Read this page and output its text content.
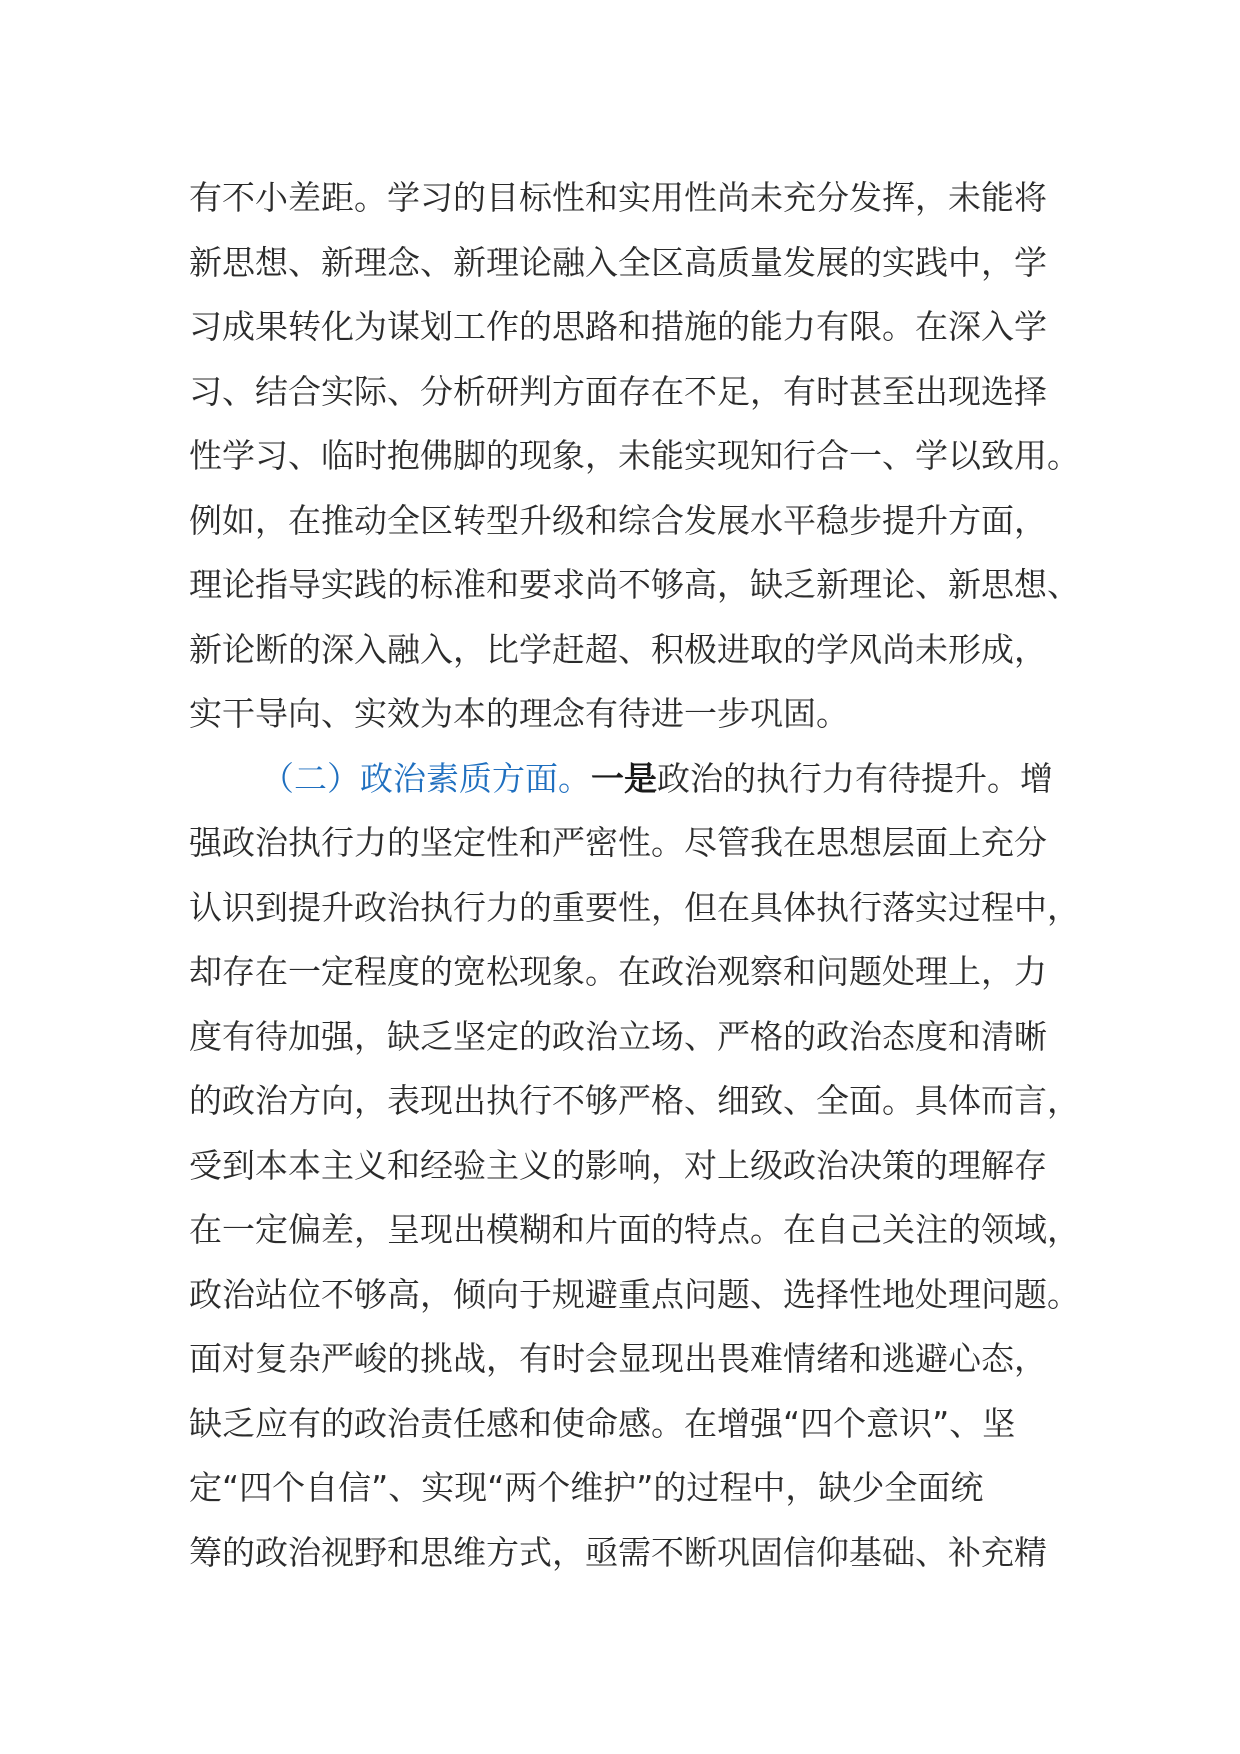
有不小差距。学习的目标性和实用性尚未充分发挥，未能将
新思想、新理念、新理论融入全区高质量发展的实践中，学
习成果转化为谋划工作的思路和措施的能力有限。在深入学
习、结合实际、分析研判方面存在不足，有时甚至出现选择
性学习、临时抱佛脚的现象，未能实现知行合一、学以致用。
例如，在推动全区转型升级和综合发展水平稳步提升方面，
理论指导实践的标准和要求尚不够高，缺乏新理论、新思想、
新论断的深入融入，比学赶超、积极进取的学风尚未形成，
实干导向、实效为本的理念有待进一步巩固。
（二）政治素质方面。一是政治的执行力有待提升。增
强政治执行力的坚定性和严密性。尽管我在思想层面上充分
认识到提升政治执行力的重要性，但在具体执行落实过程中，
却存在一定程度的宽松现象。在政治观察和问题处理上，力
度有待加强，缺乏坚定的政治立场、严格的政治态度和清晰
的政治方向，表现出执行不够严格、细致、全面。具体而言，
受到本本主义和经验主义的影响，对上级政治决策的理解存
在一定偏差，呈现出模糊和片面的特点。在自己关注的领域，
政治站位不够高，倾向于规避重点问题、选择性地处理问题。
面对复杂严峻的挑战，有时会显现出畏难情绪和逃避心态，
缺乏应有的政治责任感和使命感。在增强“四个意识”、坚
定“四个自信”、实现“两个维护”的过程中，缺少全面统
筹的政治视野和思维方式，亟需不断巩固信仰基础、补充精
